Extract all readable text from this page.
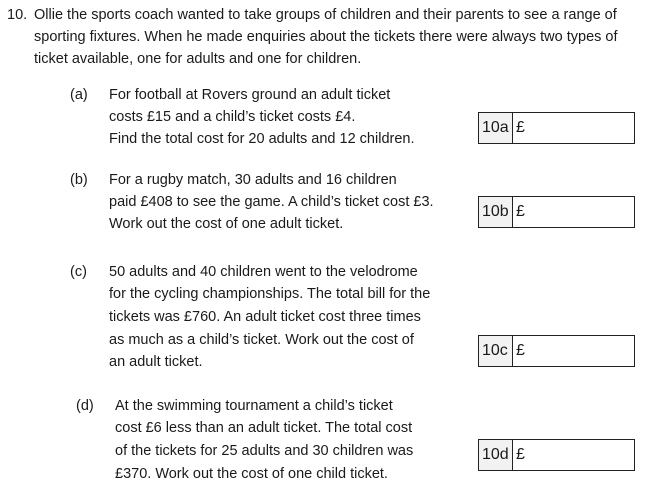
10. Ollie the sports coach wanted to take groups of children and their parents to see a range of
sporting fixtures. When he made enquiries about the tickets there were always two types of
ticket available, one for adults and one for children.
(a) For football at Rovers ground an adult ticket
costs £15 and a child’s ticket costs £4.
Find the total cost for 20 adults and 12 children.
10a £
(b) For a rugby match, 30 adults and 16 children
paid £408 to see the game. A child’s ticket cost £3.
Work out the cost of one adult ticket.
10b £
(c) 50 adults and 40 children went to the velodrome
for the cycling championships. The total bill for the
tickets was £760. An adult ticket cost three times
as much as a child’s ticket. Work out the cost of
an adult ticket.
10c £
(d) At the swimming tournament a child’s ticket
cost £6 less than an adult ticket. The total cost
of the tickets for 25 adults and 30 children was
£370. Work out the cost of one child ticket.
10d £
